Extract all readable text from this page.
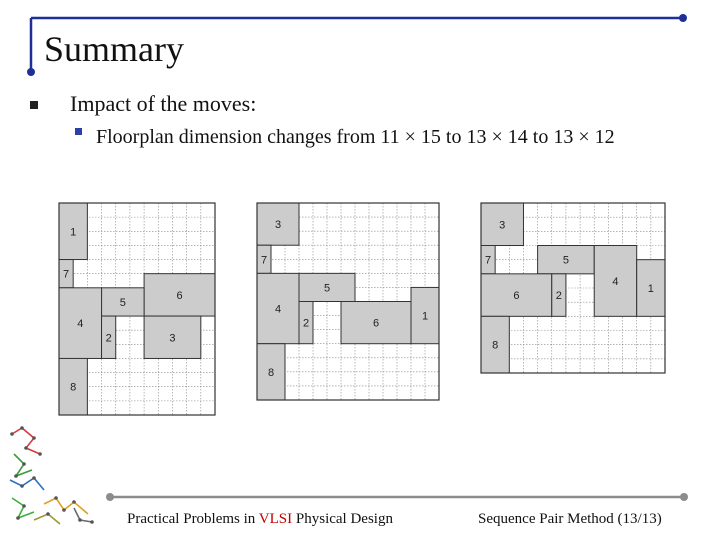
Summary
Impact of the moves:
Floorplan dimension changes from 11 × 15 to 13 × 14 to 13 × 12
1
7
6
5
4
2	3
8
3
7
5
4
2	6
1
8
3
7	5
4
1
6	2
8
Practical Problems in VLSI Physical Design	Sequence Pair Method (13/13)
